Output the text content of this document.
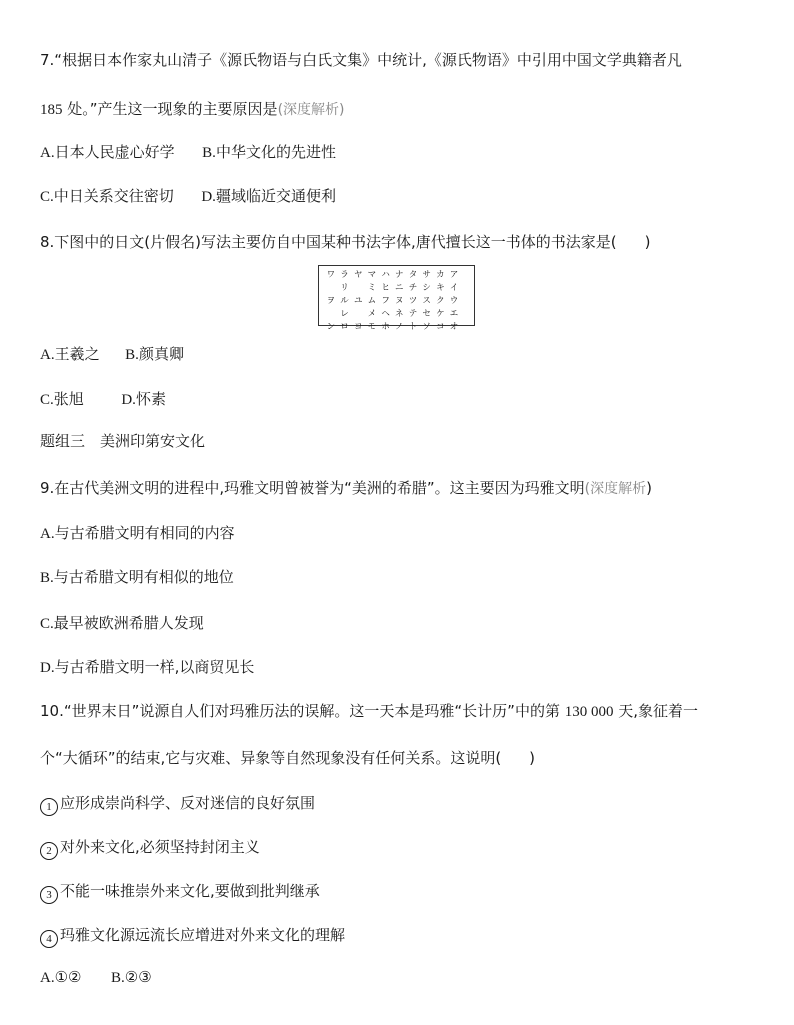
7.“根据日本作家丸山清子《源氏物语与白氏文集》中统计,《源氏物语》中引用中国文学典籍者凡
185 处。”产生这一现象的主要原因是(深度解析)
A.日本人民虚心好学 B.中华文化的先进性
C.中日关系交往密切 D.疆域临近交通便利
8.下图中的日文(片假名)写法主要仿自中国某种书法字体,唐代擅长这一书体的书法家是( )
ワ	ラ	ヤ	マ	ハ	ナ	タ	サ	カ	ア
	リ		ミ	ヒ	ニ	チ	シ	キ	イ
ヲ	ル	ユ	ム	フ	ヌ	ツ	ス	ク	ウ
	レ		メ	ヘ	ネ	テ	セ	ケ	エ
ン	ロ	ヨ	モ	ホ	ノ	ト	ソ	コ	オ
A.王羲之 B.颜真卿
C.张旭	D.怀素
题组三　美洲印第安文化
9.在古代美洲文明的进程中,玛雅文明曾被誉为“美洲的希腊”。这主要因为玛雅文明(深度解析)
A.与古希腊文明有相同的内容
B.与古希腊文明有相似的地位
C.最早被欧洲希腊人发现
D.与古希腊文明一样,以商贸见长
10.“世界末日”说源自人们对玛雅历法的误解。这一天本是玛雅“长计历”中的第 130 000 天,象征着一
个“大循环”的结束,它与灾难、异象等自然现象没有任何关系。这说明( )
1 应形成崇尚科学、反对迷信的良好氛围
2 对外来文化,必须坚持封闭主义
3 不能一味推崇外来文化,要做到批判继承
4 玛雅文化源远流长应增进对外来文化的理解
A.①② B.②③
